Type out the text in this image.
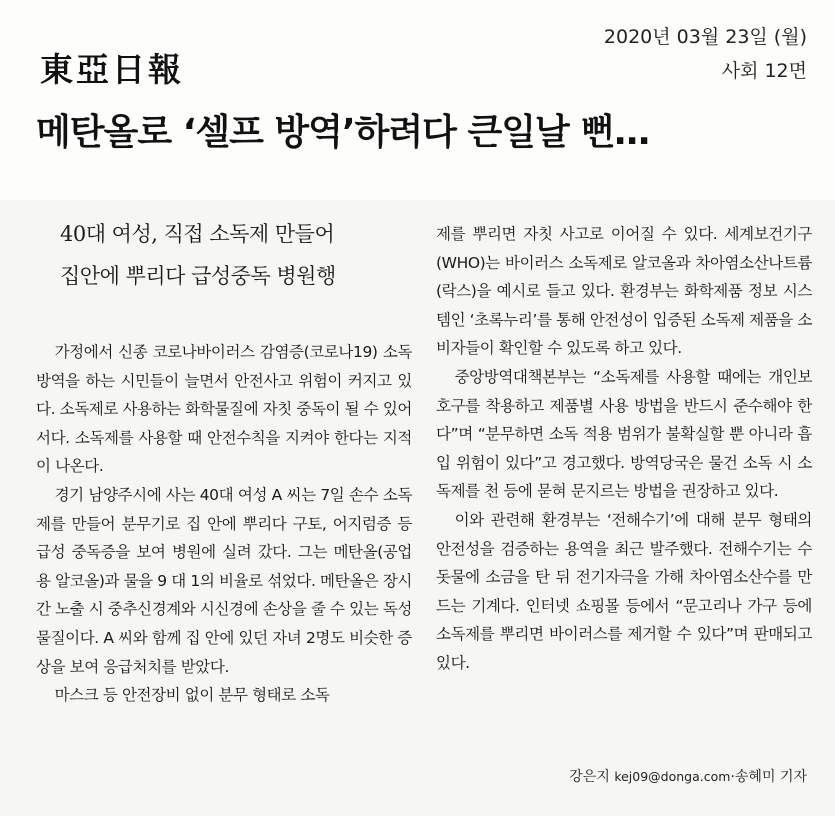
東亞日報
2020년 03월 23일 (월)
사회 12면
메탄올로 ‘셀프 방역’하려다 큰일날 뻔…
40대 여성, 직접 소독제 만들어
집안에 뿌리다 급성중독 병원행

가정에서 신종 코로나바이러스 감염증(코로나19) 소독방역을 하는 시민들이 늘면서 안전사고 위험이 커지고 있다. 소독제로 사용하는 화학물질에 자칫 중독이 될 수 있어서다. 소독제를 사용할 때 안전수칙을 지켜야 한다는 지적이 나온다.

경기 남양주시에 사는 40대 여성 A 씨는 7일 손수 소독제를 만들어 분무기로 집 안에 뿌리다 구토, 어지럼증 등 급성 중독증을 보여 병원에 실려 갔다. 그는 메탄올(공업용 알코올)과 물을 9 대 1의 비율로 섞었다. 메탄올은 장시간 노출 시 중추신경계와 시신경에 손상을 줄 수 있는 독성물질이다. A 씨와 함께 집 안에 있던 자녀 2명도 비슷한 증상을 보여 응급처치를 받았다.

마스크 등 안전장비 없이 분무 형태로 소독

제를 뿌리면 자칫 사고로 이어질 수 있다. 세계보건기구(WHO)는 바이러스 소독제로 알코올과 차아염소산나트륨(락스)을 예시로 들고 있다. 환경부는 화학제품 정보 시스템인 ‘초록누리’를 통해 안전성이 입증된 소독제 제품을 소비자들이 확인할 수 있도록 하고 있다.

중앙방역대책본부는 “소독제를 사용할 때에는 개인보호구를 착용하고 제품별 사용 방법을 반드시 준수해야 한다”며 “분무하면 소독 적용 범위가 불확실할 뿐 아니라 흡입 위험이 있다”고 경고했다. 방역당국은 물건 소독 시 소독제를 천 등에 묻혀 문지르는 방법을 권장하고 있다.

이와 관련해 환경부는 ‘전해수기’에 대해 분무 형태의 안전성을 검증하는 용역을 최근 발주했다. 전해수기는 수돗물에 소금을 탄 뒤 전기자극을 가해 차아염소산수를 만드는 기계다. 인터넷 쇼핑몰 등에서 “문고리나 가구 등에 소독제를 뿌리면 바이러스를 제거할 수 있다”며 판매되고 있다.

강은지 kej09@donga.com·송혜미 기자
